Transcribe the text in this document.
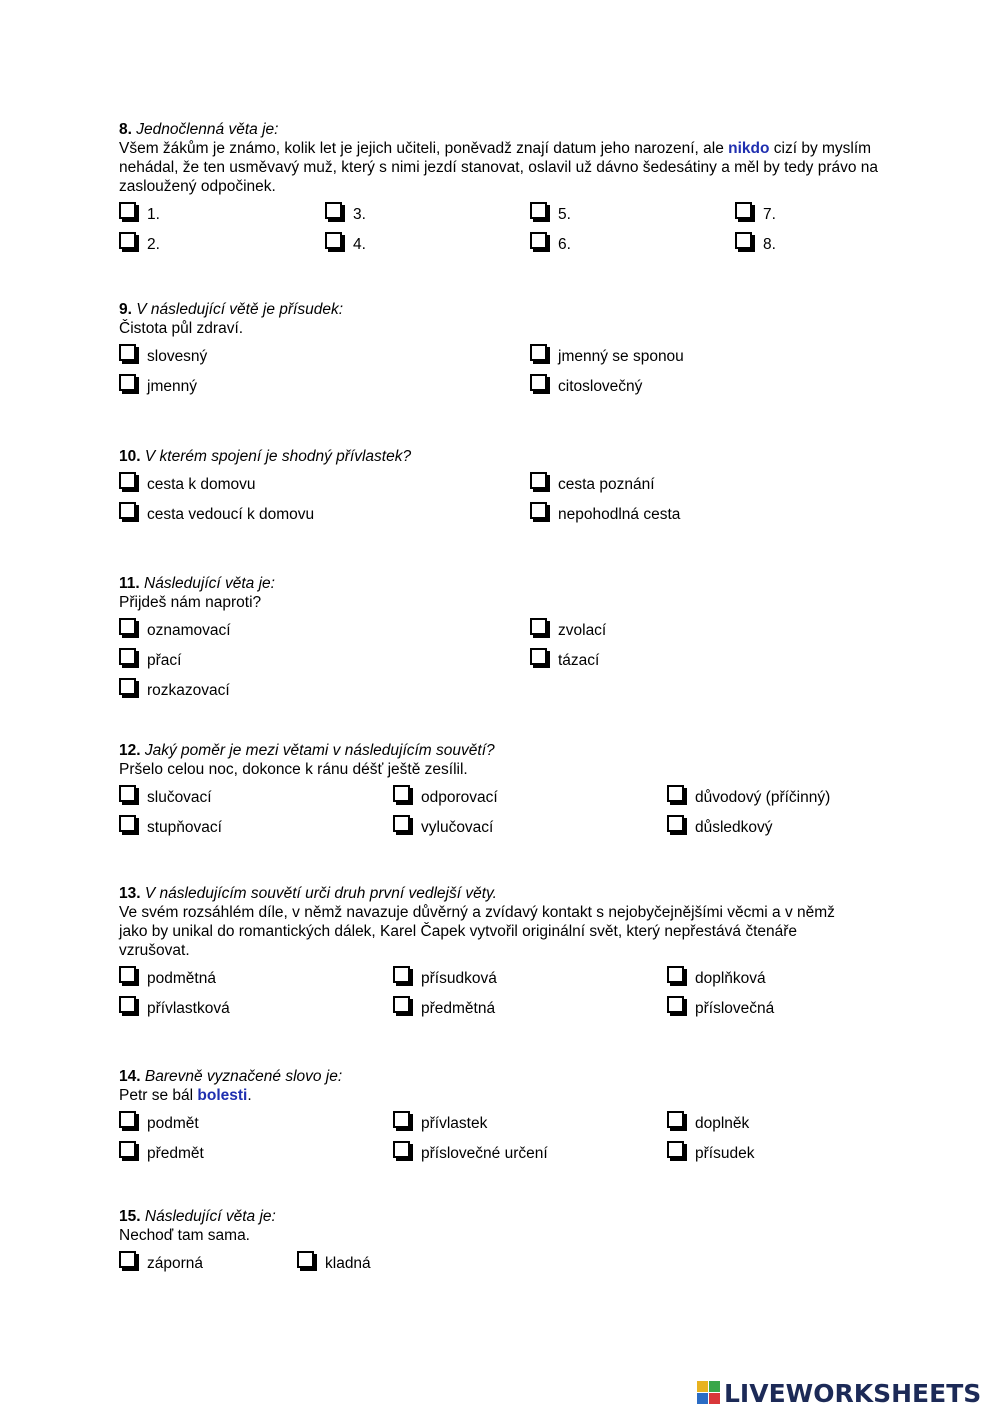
8. Jednočlenná věta je:
Všem žákům je známo, kolik let je jejich učiteli, poněvadž znají datum jeho narození, ale nikdo cizí by myslím nehádal, že ten usměvavý muž, který s nimi jezdí stanovat, oslavil už dávno šedesátiny a měl by tedy právo na zasloužený odpočinek.
1.
2.
3.
4.
5.
6.
7.
8.
9. V následující větě je přísudek:
Čistota půl zdraví.
slovesný
jmenný
jmenný se sponou
citoslovečný
10. V kterém spojení je shodný přívlastek?
cesta k domovu
cesta vedoucí k domovu
cesta poznání
nepohodlná cesta
11. Následující věta je:
Přijdeš nám naproti?
oznamovací
přací
rozkazovací
zvolací
tázací
12. Jaký poměr je mezi větami v následujícím souvětí?
Pršelo celou noc, dokonce k ránu déšť ještě zesílil.
slučovací
stupňovací
odporovací
vylučovací
důvodový (příčinný)
důsledkový
13. V následujícím souvětí urči druh první vedlejší věty.
Ve svém rozsáhlém díle, v němž navazuje důvěrný a zvídavý kontakt s nejobyčejnějšími věcmi a v němž jako by unikal do romantických dálek, Karel Čapek vytvořil originální svět, který nepřestává čtenáře vzrušovat.
podmětná
přívlastková
přísudková
předmětná
doplňková
příslovečná
14. Barevně vyznačené slovo je:
Petr se bál bolesti.
podmět
předmět
přívlastek
příslovečné určení
doplněk
přísudek
15. Následující věta je:
Nechoď tam sama.
záporná	kladná
LIVEWORKSHEETS
